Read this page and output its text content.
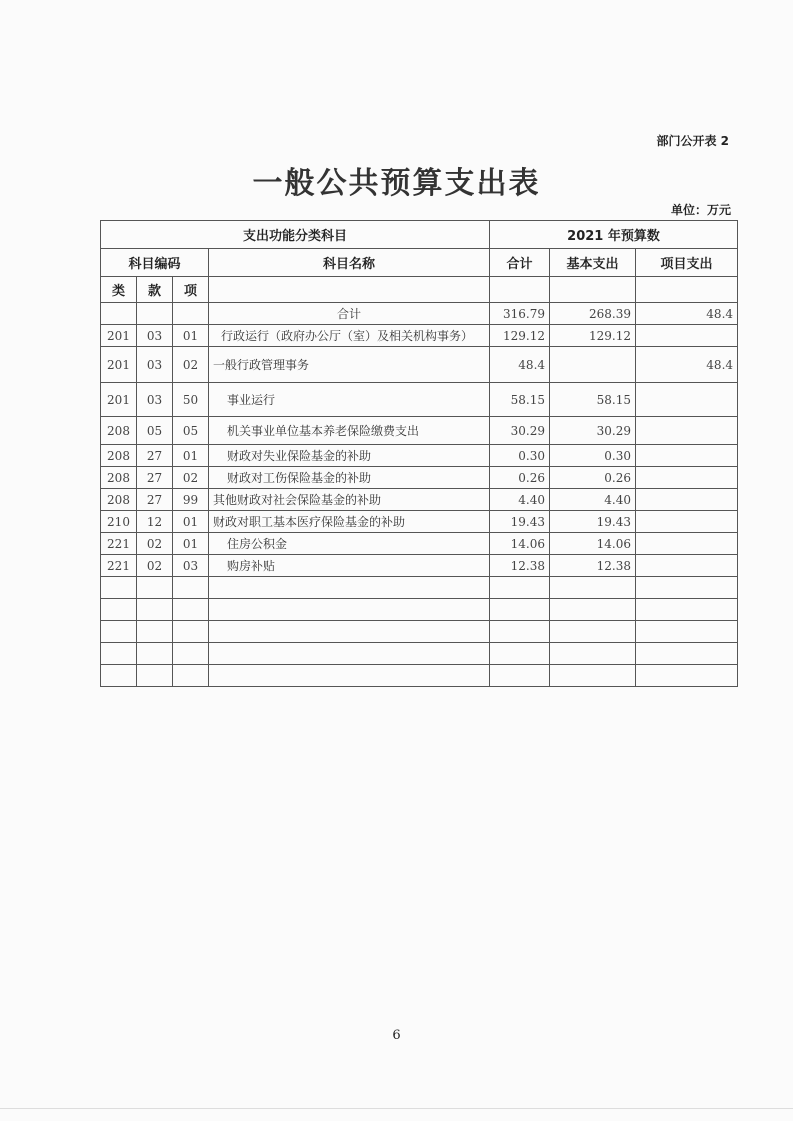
部门公开表 2
一般公共预算支出表
单位：万元
支出功能分类科目				2021 年预算数		
科目编码			科目名称	合计	基本支出	项目支出
类	款	项				
			合计	316.79	268.39	48.4
201	03	01	行政运行（政府办公厅（室）及相关机构事务）	129.12	129.12	
201	03	02	一般行政管理事务	48.4		48.4
201	03	50	事业运行	58.15	58.15	
208	05	05	机关事业单位基本养老保险缴费支出	30.29	30.29	
208	27	01	财政对失业保险基金的补助	0.30	0.30	
208	27	02	财政对工伤保险基金的补助	0.26	0.26	
208	27	99	其他财政对社会保险基金的补助	4.40	4.40	
210	12	01	财政对职工基本医疗保险基金的补助	19.43	19.43	
221	02	01	住房公积金	14.06	14.06	
221	02	03	购房补贴	12.38	12.38	

6
